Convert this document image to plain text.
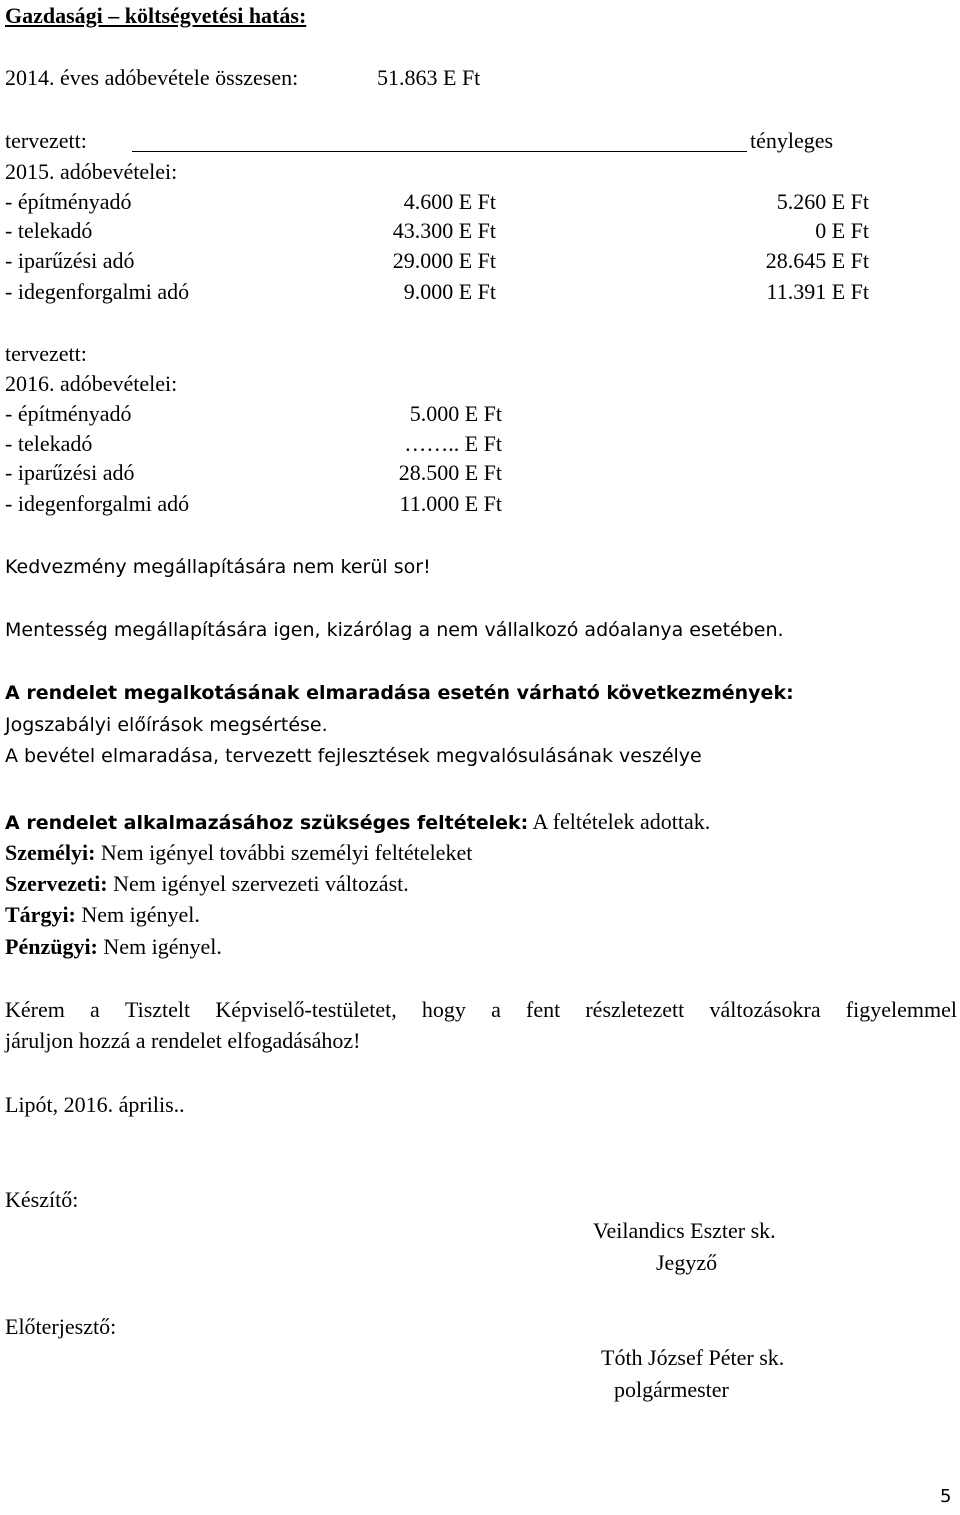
Gazdasági – költségvetési hatás:
2014. éves adóbevétele összesen:	51.863 E Ft
tervezett:	tényleges
2015. adóbevételei:
- építményadó	4.600 E Ft	5.260 E Ft
- telekadó	43.300 E Ft	0 E Ft
- iparűzési adó	29.000 E Ft	28.645 E Ft
- idegenforgalmi adó	9.000 E Ft	11.391 E Ft
tervezett:
2016. adóbevételei:
- építményadó	5.000 E Ft
- telekadó	…….. E Ft
- iparűzési adó	28.500 E Ft
- idegenforgalmi adó	11.000 E Ft
Kedvezmény megállapítására nem kerül sor!
Mentesség megállapítására igen, kizárólag a nem vállalkozó adóalanya esetében.
A rendelet megalkotásának elmaradása esetén várható következmények:
Jogszabályi előírások megsértése.
A bevétel elmaradása, tervezett fejlesztések megvalósulásának veszélye
A rendelet alkalmazásához szükséges feltételek: A feltételek adottak.
Személyi: Nem igényel további személyi feltételeket
Szervezeti: Nem igényel szervezeti változást.
Tárgyi: Nem igényel.
Pénzügyi: Nem igényel.
Kérem a Tisztelt Képviselő-testületet, hogy a fent részletezett változásokra figyelemmel
járuljon hozzá a rendelet elfogadásához!
Lipót, 2016. április..
Készítő:
Veilandics Eszter sk.
Jegyző
Előterjesztő:
Tóth József Péter sk.
polgármester
5
